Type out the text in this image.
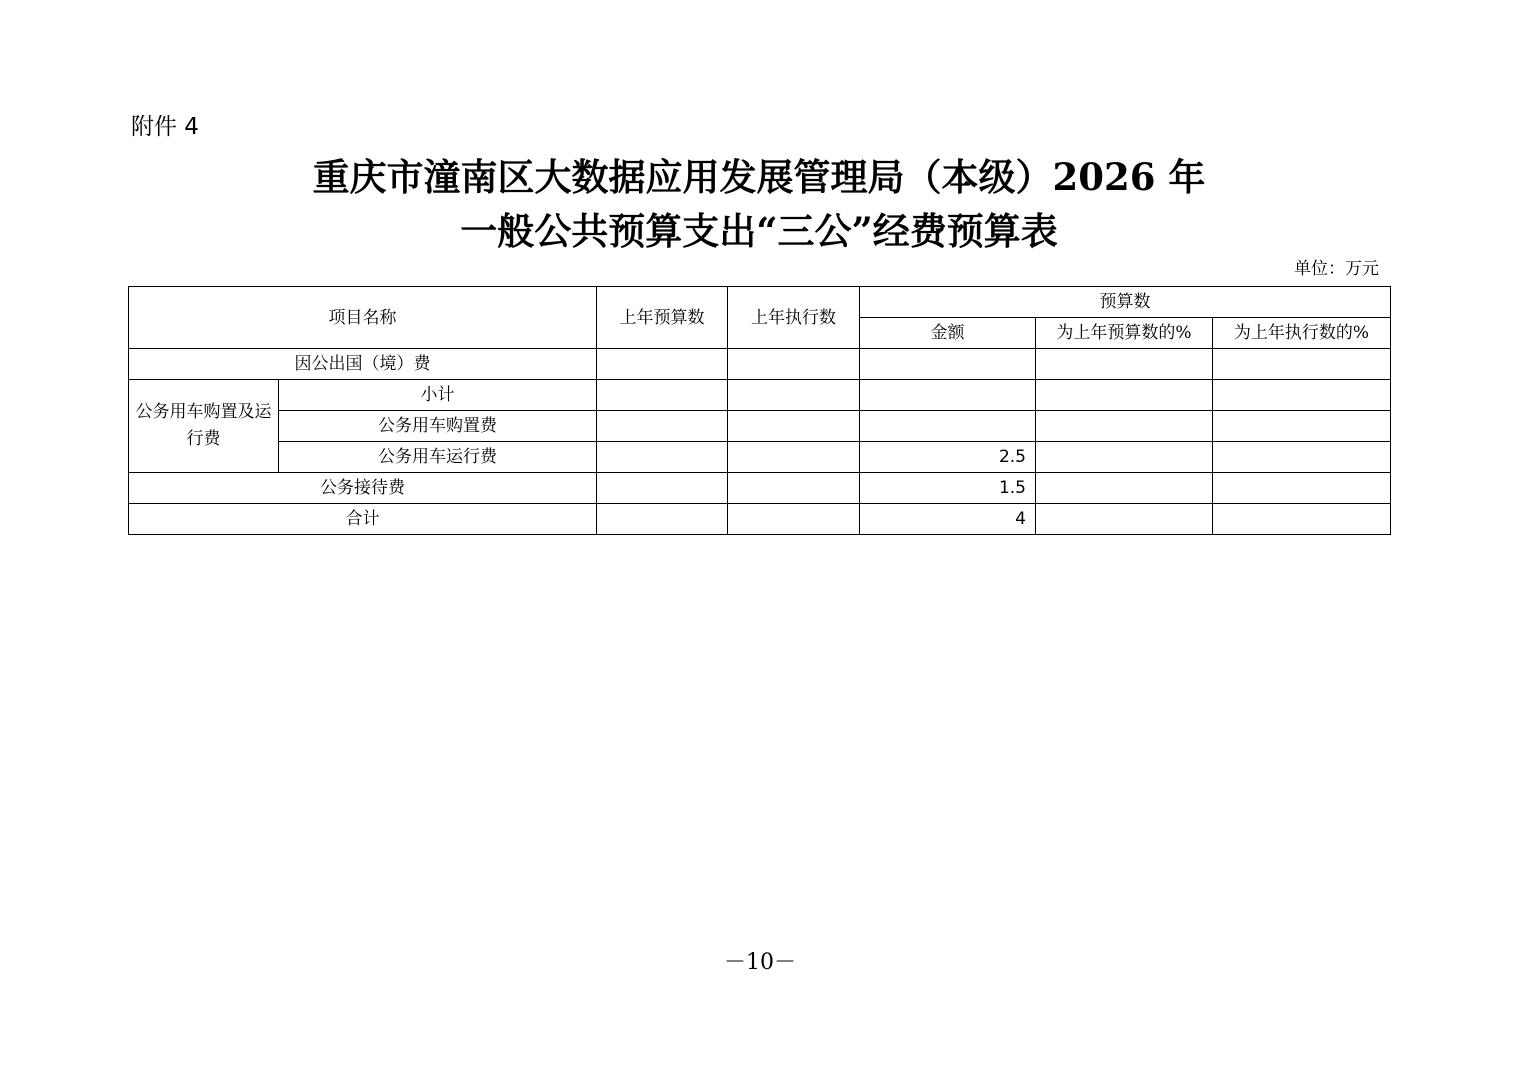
附件 4
重庆市潼南区大数据应用发展管理局（本级）2026 年
一般公共预算支出“三公”经费预算表
单位：万元
项目名称		上年预算数	上年执行数	预算数		
				金额	为上年预算数的%	为上年执行数的%
因公出国（境）费						
公务用车购置及运行费	小计					
	公务用车购置费					
	公务用车运行费			2.5		
公务接待费				1.5		
合计				4		
－10－
